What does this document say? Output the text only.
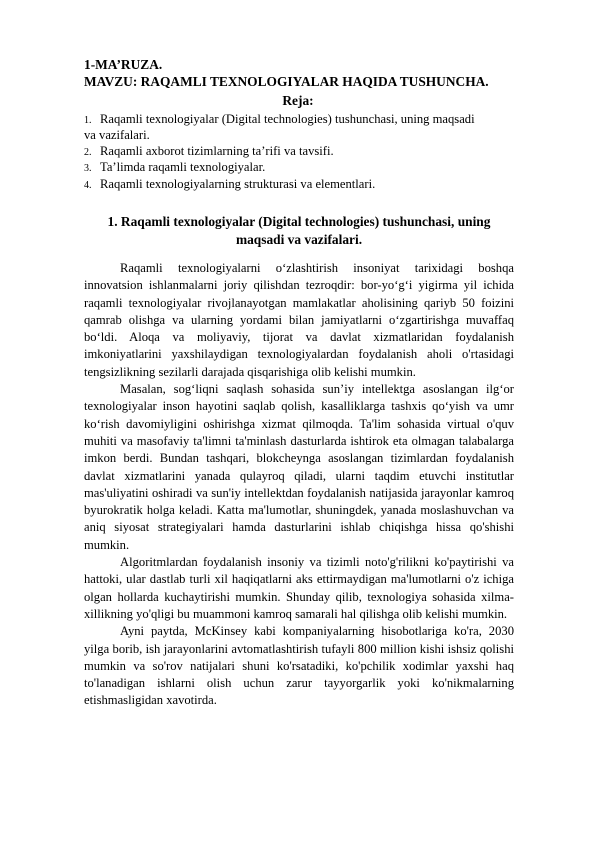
1-MA’RUZA.
MAVZU: RAQAMLI TEXNOLOGIYALAR HAQIDA TUSHUNCHA.
Reja:
1. Raqamli texnologiyalar (Digital technologies) tushunchasi, uning maqsadi
va vazifalari.
2. Raqamli axborot tizimlarning ta’rifi va tavsifi.
3. Ta’limda raqamli texnologiyalar.
4. Raqamli texnologiyalarning strukturasi va elementlari.
1. Raqamli texnologiyalar (Digital technologies) tushunchasi, uning maqsadi va vazifalari.

Raqamli texnologiyalarni o‘zlashtirish insoniyat tarixidagi boshqa innovatsion ishlanmalarni joriy qilishdan tezroqdir: bor-yo‘g‘i yigirma yil ichida raqamli texnologiyalar rivojlanayotgan mamlakatlar aholisining qariyb 50 foizini qamrab olishga va ularning yordami bilan jamiyatlarni o‘zgartirishga muvaffaq bo‘ldi. Aloqa va moliyaviy, tijorat va davlat xizmatlaridan foydalanish imkoniyatlarini yaxshilaydigan texnologiyalardan foydalanish aholi o'rtasidagi tengsizlikning sezilarli darajada qisqarishiga olib kelishi mumkin.

Masalan, sog‘liqni saqlash sohasida sun’iy intellektga asoslangan ilg‘or texnologiyalar inson hayotini saqlab qolish, kasalliklarga tashxis qo‘yish va umr ko‘rish davomiyligini oshirishga xizmat qilmoqda. Ta'lim sohasida virtual o'quv muhiti va masofaviy ta'limni ta'minlash dasturlarda ishtirok eta olmagan talabalarga imkon berdi. Bundan tashqari, blokcheynga asoslangan tizimlardan foydalanish davlat xizmatlarini yanada qulayroq qiladi, ularni taqdim etuvchi institutlar mas'uliyatini oshiradi va sun'iy intellektdan foydalanish natijasida jarayonlar kamroq byurokratik holga keladi. Katta ma'lumotlar, shuningdek, yanada moslashuvchan va aniq siyosat strategiyalari hamda dasturlarini ishlab chiqishga hissa qo'shishi mumkin.

Algoritmlardan foydalanish insoniy va tizimli noto'g'rilikni ko'paytirishi va hattoki, ular dastlab turli xil haqiqatlarni aks ettirmaydigan ma'lumotlarni o'z ichiga olgan hollarda kuchaytirishi mumkin. Shunday qilib, texnologiya sohasida xilma-xillikning yo'qligi bu muammoni kamroq samarali hal qilishga olib kelishi mumkin.

Ayni paytda, McKinsey kabi kompaniyalarning hisobotlariga ko'ra, 2030 yilga borib, ish jarayonlarini avtomatlashtirish tufayli 800 million kishi ishsiz qolishi mumkin va so'rov natijalari shuni ko'rsatadiki, ko'pchilik xodimlar yaxshi haq to'lanadigan ishlarni olish uchun zarur tayyorgarlik yoki ko'nikmalarning etishmasligidan xavotirda.
